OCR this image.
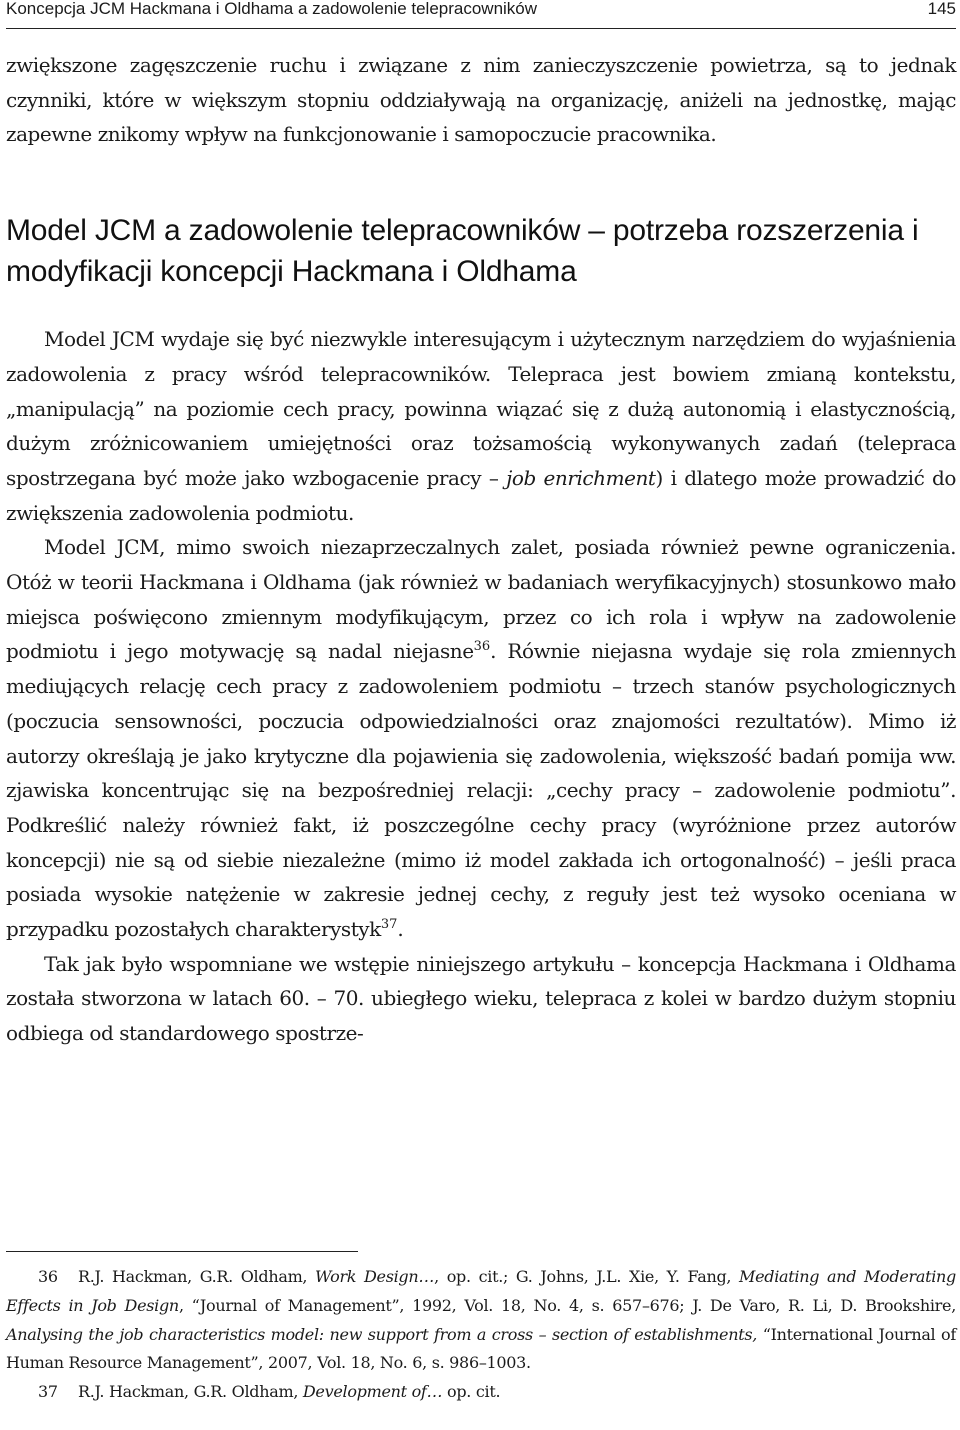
Koncepcja JCM Hackmana i Oldhama a zadowolenie telepracowników	145

zwiększone zagęszczenie ruchu i związane z nim zanieczyszczenie powietrza, są to jednak czynniki, które w większym stopniu oddziaływają na organizację, aniżeli na jednostkę, mając zapewne znikomy wpływ na funkcjonowanie i samopoczucie pracownika.

Model JCM a zadowolenie telepracowników – potrzeba rozszerzenia i modyfikacji koncepcji Hackmana i Oldhama

Model JCM wydaje się być niezwykle interesującym i użytecznym narzędziem do wyjaśnienia zadowolenia z pracy wśród telepracowników. Telepraca jest bowiem zmianą kontekstu, „manipulacją” na poziomie cech pracy, powinna wiązać się z dużą autonomią i elastycznością, dużym zróżnicowaniem umiejętności oraz tożsamością wykonywanych zadań (telepraca spostrzegana być może jako wzbogacenie pracy – job enrichment) i dlatego może prowadzić do zwiększenia zadowolenia podmiotu.

Model JCM, mimo swoich niezaprzeczalnych zalet, posiada również pewne ograniczenia. Otóż w teorii Hackmana i Oldhama (jak również w badaniach weryfikacyjnych) stosunkowo mało miejsca poświęcono zmiennym modyfikującym, przez co ich rola i wpływ na zadowolenie podmiotu i jego motywację są nadal niejasne$^{36}$. Równie niejasna wydaje się rola zmiennych mediujących relację cech pracy z zadowoleniem podmiotu – trzech stanów psychologicznych (poczucia sensowności, poczucia odpowiedzialności oraz znajomości rezultatów). Mimo iż autorzy określają je jako krytyczne dla pojawienia się zadowolenia, większość badań pomija ww. zjawiska koncentrując się na bezpośredniej relacji: „cechy pracy – zadowolenie podmiotu”. Podkreślić należy również fakt, iż poszczególne cechy pracy (wyróżnione przez autorów koncepcji) nie są od siebie niezależne (mimo iż model zakłada ich ortogonalność) – jeśli praca posiada wysokie natężenie w zakresie jednej cechy, z reguły jest też wysoko oceniana w przypadku pozostałych charakterystyk$^{37}$.

Tak jak było wspomniane we wstępie niniejszego artykułu – koncepcja Hackmana i Oldhama została stworzona w latach 60. – 70. ubiegłego wieku, telepraca z kolei w bardzo dużym stopniu odbiega od standardowego spostrze-

36 R.J. Hackman, G.R. Oldham, Work Design…, op. cit.; G. Johns, J.L. Xie, Y. Fang, Mediating and Moderating Effects in Job Design, “Journal of Management”, 1992, Vol. 18, No. 4, s. 657–676; J. De Varo, R. Li, D. Brookshire, Analysing the job characteristics model: new support from a cross – section of establishments, “International Journal of Human Resource Management”, 2007, Vol. 18, No. 6, s. 986–1003.

37 R.J. Hackman, G.R. Oldham, Development of… op. cit.
